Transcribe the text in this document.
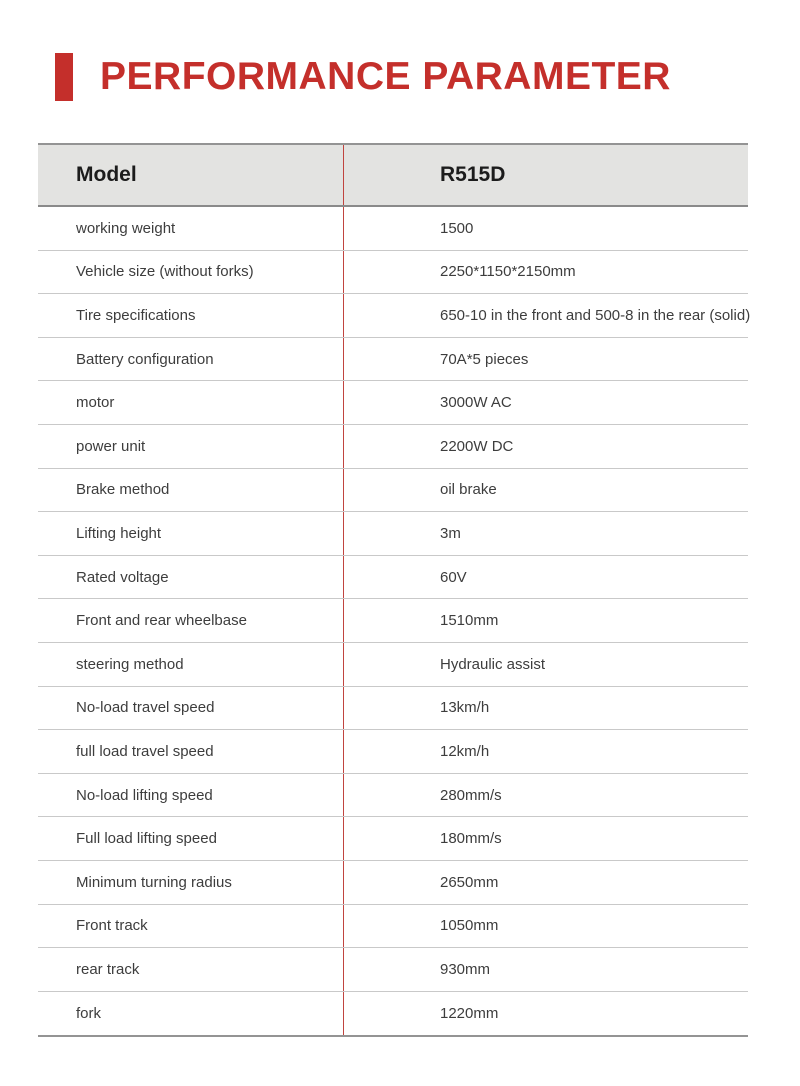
PERFORMANCE PARAMETER
Model	R515D
working weight	1500
Vehicle size (without forks)	2250*1150*2150mm
Tire specifications	650-10 in the front and 500-8 in the rear (solid)
Battery configuration	70A*5 pieces
motor	3000W AC
power unit	2200W DC
Brake method	oil brake
Lifting height	3m
Rated voltage	60V
Front and rear wheelbase	1510mm
steering method	Hydraulic assist
No-load travel speed	13km/h
full load travel speed	12km/h
No-load lifting speed	280mm/s
Full load lifting speed	180mm/s
Minimum turning radius	2650mm
Front track	1050mm
rear track	930mm
fork	1220mm
